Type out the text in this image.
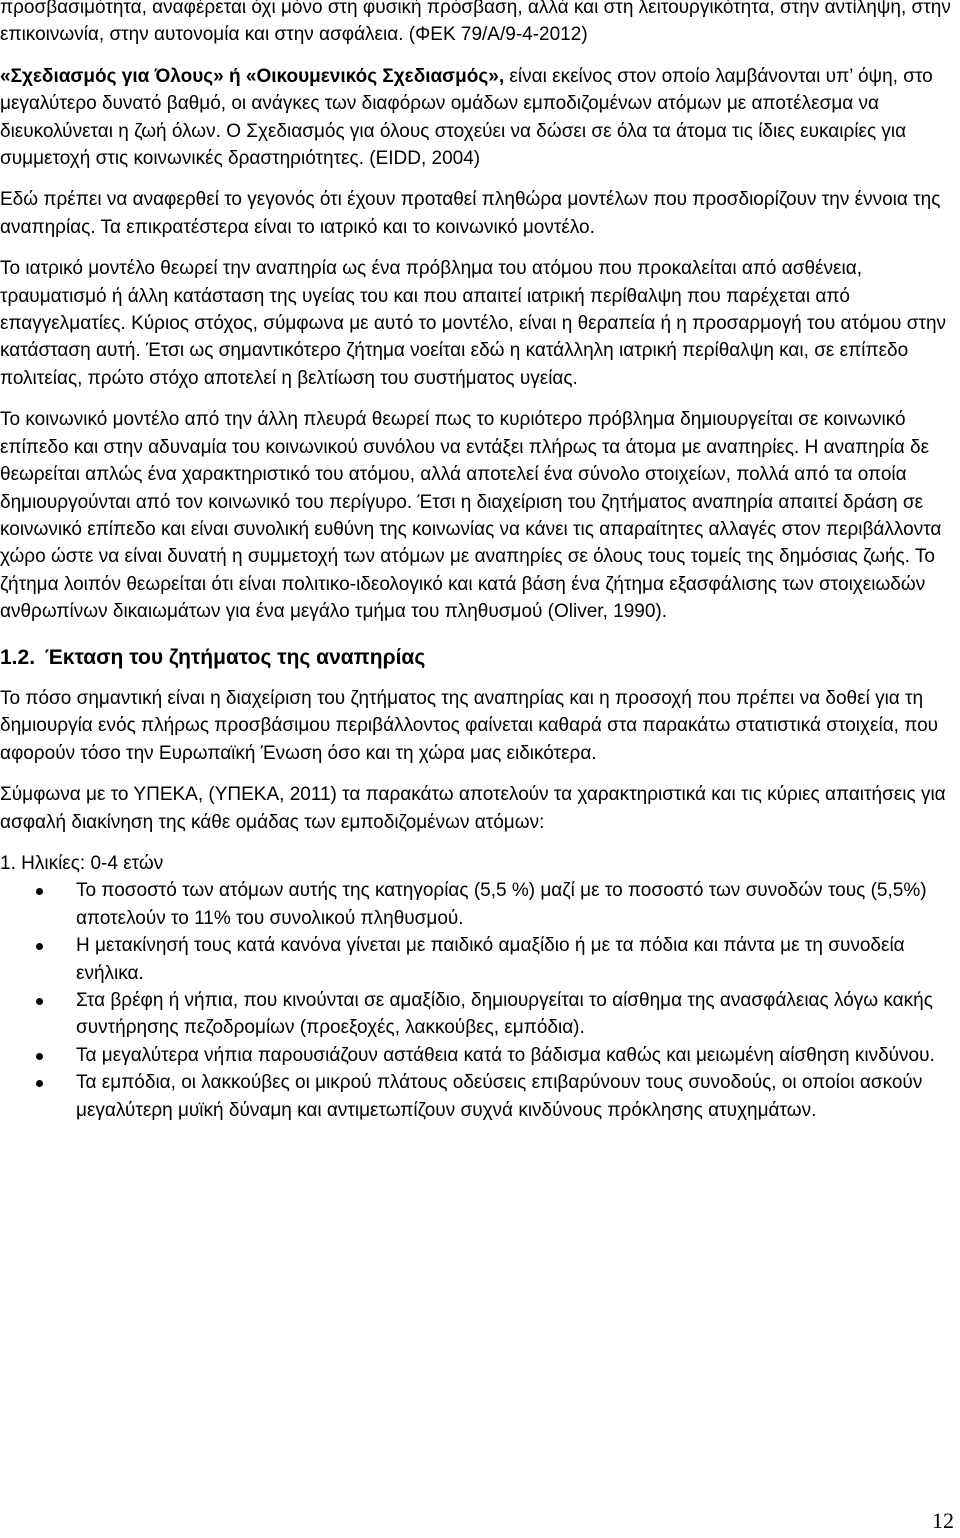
προσβασιμότητα, αναφέρεται όχι μόνο στη φυσική πρόσβαση, αλλά και στη λειτουργικότητα, στην αντίληψη, στην επικοινωνία, στην αυτονομία και στην ασφάλεια. (ΦΕΚ 79/Α/9-4-2012)

«Σχεδιασμός για Όλους» ή «Οικουμενικός Σχεδιασμός», είναι εκείνος στον οποίο λαμβάνονται υπ’ όψη, στο μεγαλύτερο δυνατό βαθμό, οι ανάγκες των διαφόρων ομάδων εμποδιζομένων ατόμων με αποτέλεσμα να διευκολύνεται η ζωή όλων. Ο Σχεδιασμός για όλους στοχεύει να δώσει σε όλα τα άτομα τις ίδιες ευκαιρίες για συμμετοχή στις κοινωνικές δραστηριότητες. (EIDD, 2004)

Εδώ πρέπει να αναφερθεί το γεγονός ότι έχουν προταθεί πληθώρα μοντέλων που προσδιορίζουν την έννοια της αναπηρίας. Τα επικρατέστερα είναι το ιατρικό και το κοινωνικό μοντέλο.

Το ιατρικό μοντέλο θεωρεί την αναπηρία ως ένα πρόβλημα του ατόμου που προκαλείται από ασθένεια, τραυματισμό ή άλλη κατάσταση της υγείας του και που απαιτεί ιατρική περίθαλψη που παρέχεται από επαγγελματίες. Κύριος στόχος, σύμφωνα με αυτό το μοντέλο, είναι η θεραπεία ή η προσαρμογή του ατόμου στην κατάσταση αυτή. Έτσι ως σημαντικότερο ζήτημα νοείται εδώ η κατάλληλη ιατρική περίθαλψη και, σε επίπεδο πολιτείας, πρώτο στόχο αποτελεί η βελτίωση του συστήματος υγείας.

Το κοινωνικό μοντέλο από την άλλη πλευρά θεωρεί πως το κυριότερο πρόβλημα δημιουργείται σε κοινωνικό επίπεδο και στην αδυναμία του κοινωνικού συνόλου να εντάξει πλήρως τα άτομα με αναπηρίες. Η αναπηρία δε θεωρείται απλώς ένα χαρακτηριστικό του ατόμου, αλλά αποτελεί ένα σύνολο στοιχείων, πολλά από τα οποία δημιουργούνται από τον κοινωνικό του περίγυρο. Έτσι η διαχείριση του ζητήματος αναπηρία απαιτεί δράση σε κοινωνικό επίπεδο και είναι συνολική ευθύνη της κοινωνίας να κάνει τις απαραίτητες αλλαγές στον περιβάλλοντα χώρο ώστε να είναι δυνατή η συμμετοχή των ατόμων με αναπηρίες σε όλους τους τομείς της δημόσιας ζωής. Το ζήτημα λοιπόν θεωρείται ότι είναι πολιτικο-ιδεολογικό και κατά βάση ένα ζήτημα εξασφάλισης των στοιχειωδών ανθρωπίνων δικαιωμάτων για ένα μεγάλο τμήμα του πληθυσμού (Oliver, 1990).

1.2. Έκταση του ζητήματος της αναπηρίας

Το πόσο σημαντική είναι η διαχείριση του ζητήματος της αναπηρίας και η προσοχή που πρέπει να δοθεί για τη δημιουργία ενός πλήρως προσβάσιμου περιβάλλοντος φαίνεται καθαρά στα παρακάτω στατιστικά στοιχεία, που αφορούν τόσο την Ευρωπαϊκή Ένωση όσο και τη χώρα μας ειδικότερα.

Σύμφωνα με το ΥΠΕΚΑ, (ΥΠΕΚΑ, 2011) τα παρακάτω αποτελούν τα χαρακτηριστικά και τις κύριες απαιτήσεις για ασφαλή διακίνηση της κάθε ομάδας των εμποδιζομένων ατόμων:

1. Ηλικίες: 0-4 ετών

Το ποσοστό των ατόμων αυτής της κατηγορίας (5,5 %) μαζί με το ποσοστό των συνοδών τους (5,5%) αποτελούν το 11% του συνολικού πληθυσμού.
Η μετακίνησή τους κατά κανόνα γίνεται με παιδικό αμαξίδιο ή με τα πόδια και πάντα με τη συνοδεία ενήλικα.
Στα βρέφη ή νήπια, που κινούνται σε αμαξίδιο, δημιουργείται το αίσθημα της ανασφάλειας λόγω κακής συντήρησης πεζοδρομίων (προεξοχές, λακκούβες, εμπόδια).
Τα μεγαλύτερα νήπια παρουσιάζουν αστάθεια κατά το βάδισμα καθώς και μειωμένη αίσθηση κινδύνου.
Τα εμπόδια, οι λακκούβες οι μικρού πλάτους οδεύσεις επιβαρύνουν τους συνοδούς, οι οποίοι ασκούν μεγαλύτερη μυϊκή δύναμη και αντιμετωπίζουν συχνά κινδύνους πρόκλησης ατυχημάτων.
12
